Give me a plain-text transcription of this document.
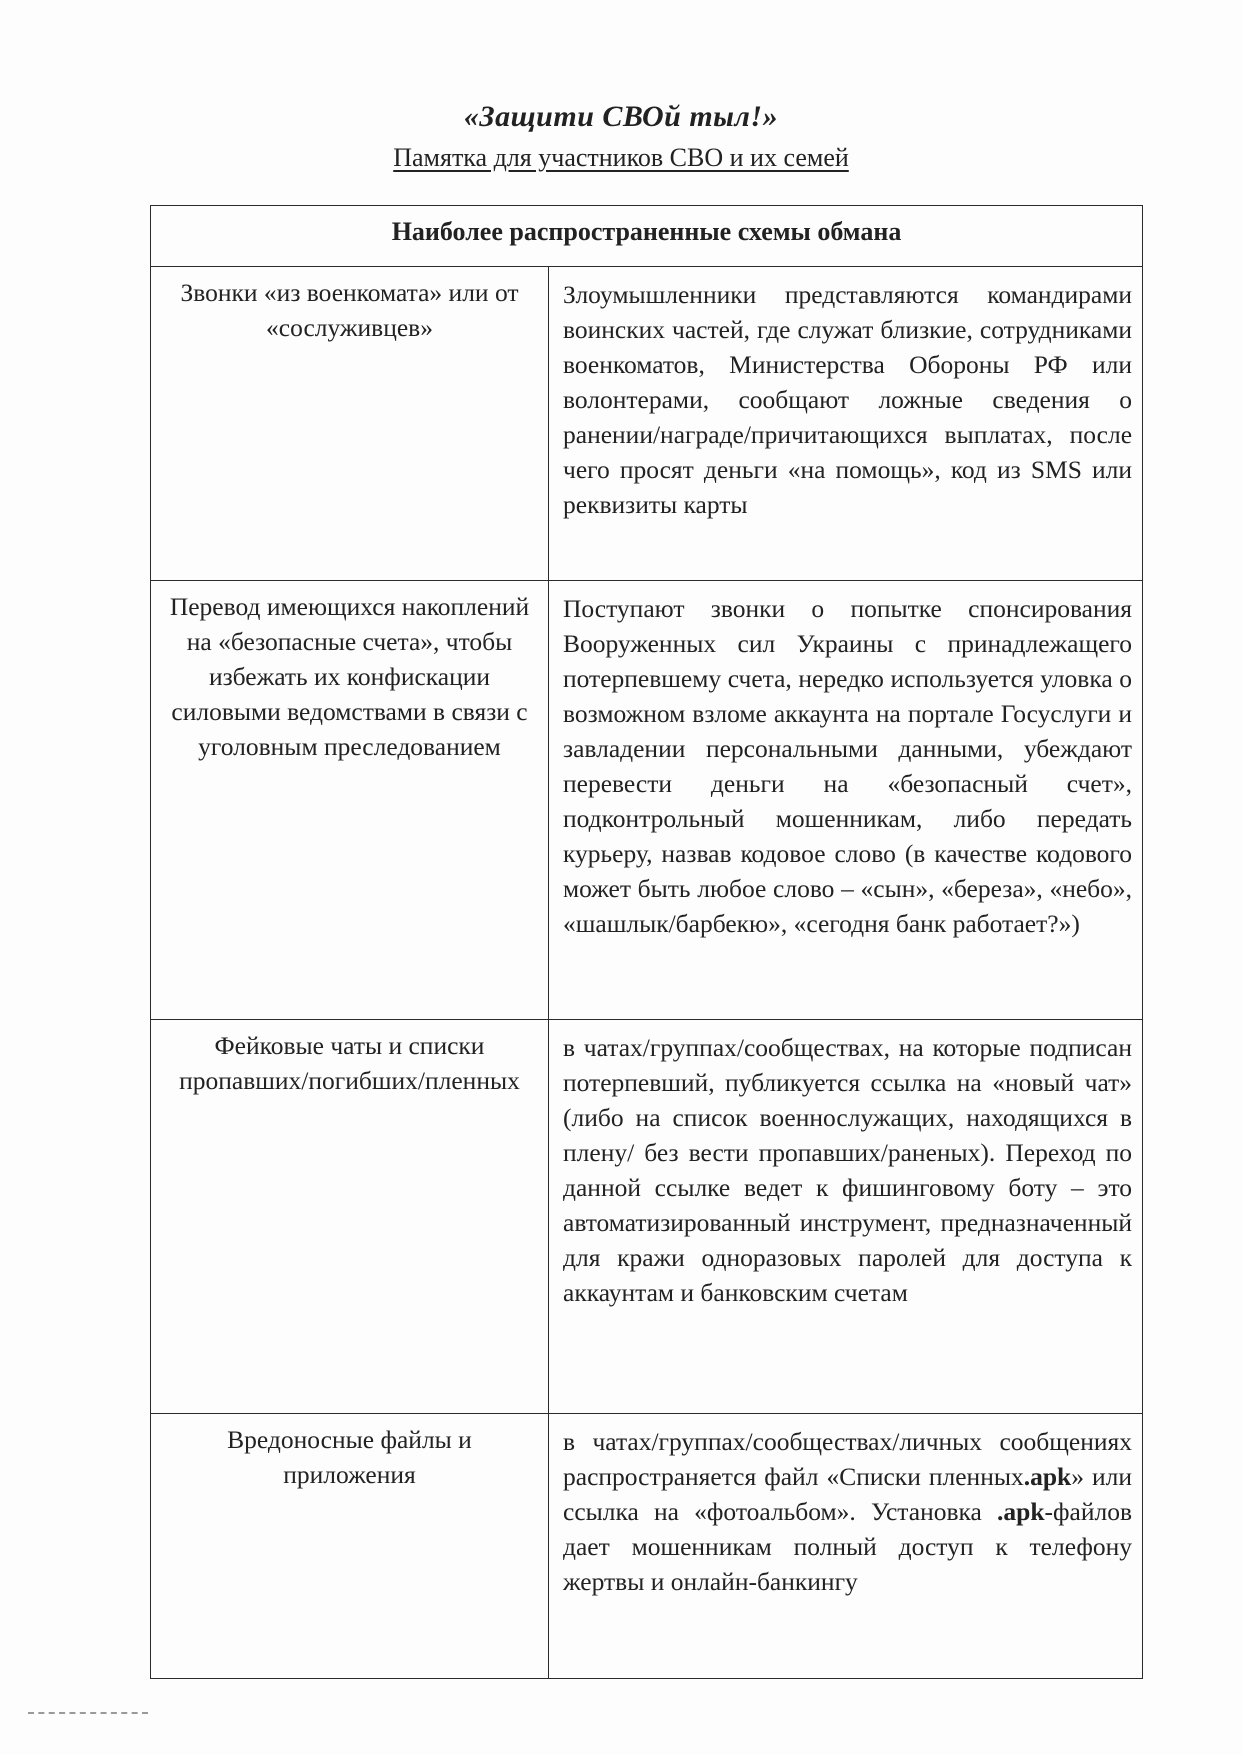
«Защити СВОй тыл!»
Памятка для участников СВО и их семей
Наиболее распространенные схемы обмана	
Звонки «из военкомата» или от «сослуживцев»	Злоумышленники представляются командирами воинских частей, где служат близкие, сотрудниками военкоматов, Министерства Обороны РФ или волонтерами, сообщают ложные сведения о ранении/награде/причитающихся выплатах, после чего просят деньги «на помощь», код из SMS или реквизиты карты
Перевод имеющихся накоплений на «безопасные счета», чтобы избежать их конфискации силовыми ведомствами в связи с уголовным преследованием	Поступают звонки о попытке спонсирования Вооруженных сил Украины с принадлежащего потерпевшему счета, нередко используется уловка о возможном взломе аккаунта на портале Госуслуги и завладении персональными данными, убеждают перевести деньги на «безопасный счет», подконтрольный мошенникам, либо передать курьеру, назвав кодовое слово (в качестве кодового может быть любое слово – «сын», «береза», «небо», «шашлык/барбекю», «сегодня банк работает?»)
Фейковые чаты и списки пропавших/погибших/пленных	в чатах/группах/сообществах, на которые подписан потерпевший, публикуется ссылка на «новый чат» (либо на список военнослужащих, находящихся в плену/ без вести пропавших/раненых). Переход по данной ссылке ведет к фишинговому боту – это автоматизированный инструмент, предназначенный для кражи одноразовых паролей для доступа к аккаунтам и банковским счетам
Вредоносные файлы и приложения	в чатах/группах/сообществах/личных сообщениях распространяется файл «Списки пленных.apk» или ссылка на «фотоальбом». Установка .apk-файлов дает мошенникам полный доступ к телефону жертвы и онлайн-банкингу
